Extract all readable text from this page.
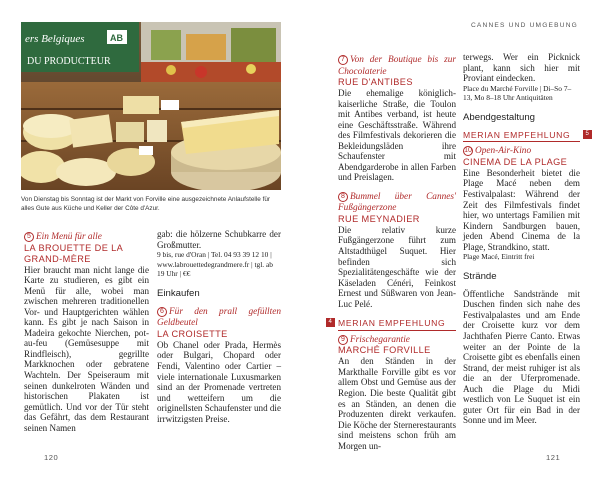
ers Belgiques	AB
DU PRODUCTEUR
Von Dienstag bis Sonntag ist der Markt von Forville eine ausgezeichnete Anlaufstelle für alles Gute aus Küche und Keller der Côte d'Azur.
5 Ein Menü für alle
LA BROUETTE DE LA
GRAND-MÈRE

Hier braucht man nicht lange die Karte zu studieren, es gibt ein Menü für alle, wobei man zwischen mehreren traditionellen Vor- und Hauptgerichten wählen kann. Es gibt je nach Saison in Madeira gekochte Nierchen, pot-au-feu (Gemüsesuppe mit Rindfleisch), gegrillte Markknochen oder gebratene Wachteln. Der Speiseraum mit seinen dunkelroten Wänden und historischen Plakaten ist gemütlich. Und vor der Tür steht das Gefährt, das dem Restaurant seinen Namen

gab: die hölzerne Schubkarre der Großmutter.

9 bis, rue d'Oran | Tel. 04 93 39 12 10 | www.labrouettedegrandmere.fr | tgl. ab 19 Uhr | €€

Einkaufen
6 Für den prall gefüllten Geldbeutel
LA CROISETTE

Ob Chanel oder Prada, Hermès oder Bulgari, Chopard oder Fendi, Valentino oder Cartier – viele internationale Luxusmarken sind an der Promenade vertreten und wetteifern um die originellsten Schaufenster und die irrwitzigsten Preise.

120
CANNES UND UMGEBUNG
7 Von der Boutique bis zur Chocolaterie
RUE D'ANTIBES

Die ehemalige königlich-kaiserliche Straße, die Toulon mit Antibes verband, ist heute eine Geschäftsstraße. Während des Filmfestivals dekorieren die Bekleidungsläden ihre Schaufenster mit Abendgarderobe in allen Farben und Preislagen.

8 Bummel über Cannes' Fußgängerzone
RUE MEYNADIER

Die relativ kurze Fußgängerzone führt zum Altstadthügel Suquet. Hier befinden sich Spezialitätengeschäfte wie der Käseladen Cénéri, Feinkost Ernest und Süßwaren von Jean-Luc Pelé.

4 MERIAN EMPFEHLUNG
9 Frischegarantie
MARCHÉ FORVILLE

An den Ständen in der Markthalle Forville gibt es vor allem Obst und Gemüse aus der Region. Die beste Qualität gibt es an Ständen, an denen die Produzenten direkt verkaufen. Die Köche der Sternerestaurants sind meistens schon früh am Morgen un-

terwegs. Wer ein Picknick plant, kann sich hier mit Proviant eindecken.

Place du Marché Forville | Di–So 7–13, Mo 8–18 Uhr Antiquitäten

Abendgestaltung
MERIAN EMPFEHLUNG	5
10 Open-Air-Kino
CINEMA DE LA PLAGE

Eine Besonderheit bietet die Plage Macé neben dem Festivalpalast: Während der Zeit des Filmfestivals findet hier, wo untertags Familien mit Kindern Sandburgen bauen, jeden Abend Cinema de la Plage, Strandkino, statt.

Plage Macé, Eintritt frei

Strände

Öffentliche Sandstrände mit Duschen finden sich nahe des Festivalpalastes und am Ende der Croisette kurz vor dem Jachthafen Pierre Canto. Etwas weiter an der Pointe de la Croisette gibt es ebenfalls einen Strand, der meist ruhiger ist als die an der Uferpromenade. Auch die Plage du Midi westlich von Le Suquet ist ein guter Ort für ein Bad in der Sonne und im Meer.

121
